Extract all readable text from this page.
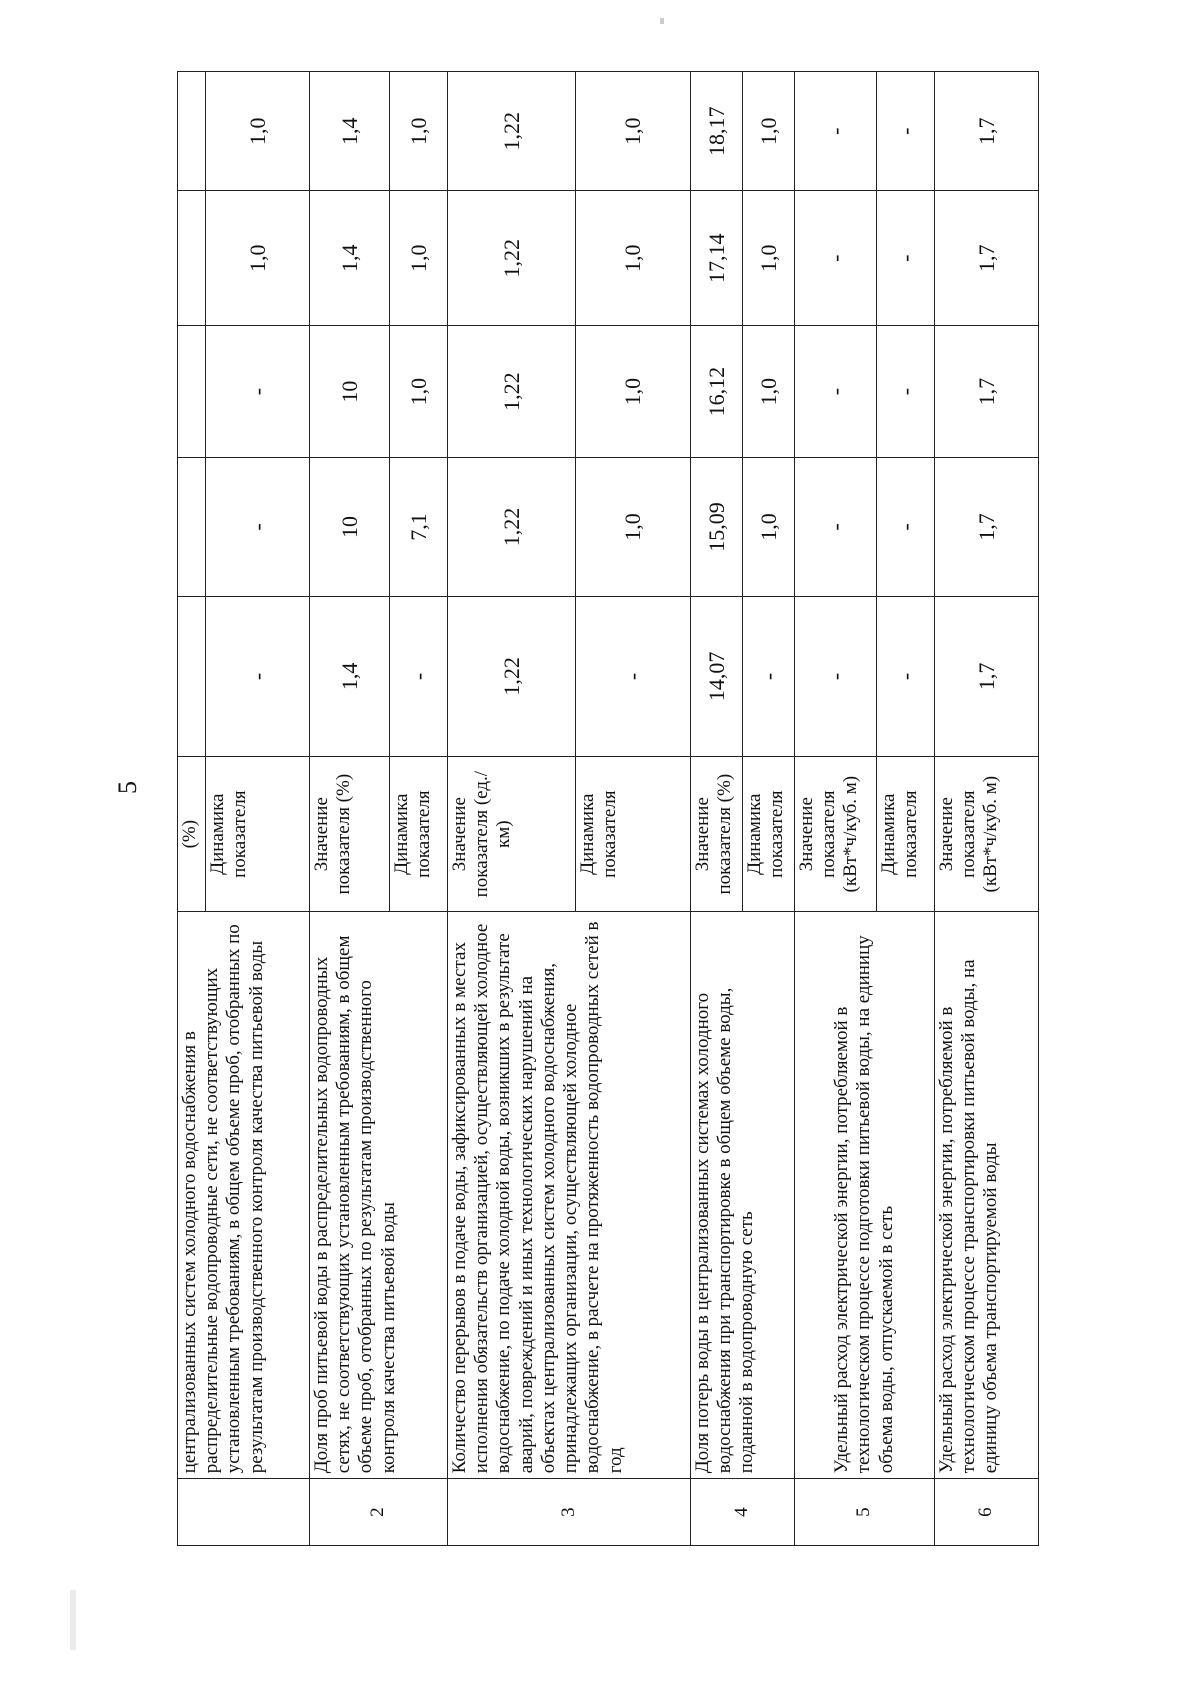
5
	централизованных систем холодного водоснабжения в распределительные водопроводные сети, не соответствующих установленным требованиям, в общем объеме проб, отобранных по результатам производственного контроля качества питьевой воды	(%)					
		Динамика показателя	-	-	-	1,0	1,0
2	Доля проб питьевой воды в распределительных водопроводных сетях, не соответствующих установленным требованиям, в общем объеме проб, отобранных по результатам производственного контроля качества питьевой воды	Значение показателя (%)	1,4	10	10	1,4	1,4
		Динамика показателя	-	7,1	1,0	1,0	1,0
3	Количество перерывов в подаче воды, зафиксированных в местах исполнения обязательств организацией, осуществляющей холодное водоснабжение, по подаче холодной воды, возникших в результате аварий, повреждений и иных технологических нарушений на объектах централизованных систем холодного водоснабжения, принадлежащих организации, осуществляющей холодное водоснабжение, в расчете на протяженность водопроводных сетей в год	Значение показателя (ед./км)	1,22	1,22	1,22	1,22	1,22
		Динамика показателя	-	1,0	1,0	1,0	1,0
4	Доля потерь воды в централизованных системах холодного водоснабжения при транспортировке в общем объеме воды, поданной в водопроводную сеть	Значение показателя (%)	14,07	15,09	16,12	17,14	18,17
		Динамика показателя	-	1,0	1,0	1,0	1,0
5	Удельный расход электрической энергии, потребляемой в технологическом процессе подготовки питьевой воды, на единицу объема воды, отпускаемой в сеть	Значение показателя (кВт*ч/куб. м)	-	-	-	-	-
		Динамика показателя	-	-	-	-	-
6	Удельный расход электрической энергии, потребляемой в технологическом процессе транспортировки питьевой воды, на единицу объема транспортируемой воды	Значение показателя (кВт*ч/куб. м)	1,7	1,7	1,7	1,7	1,7
